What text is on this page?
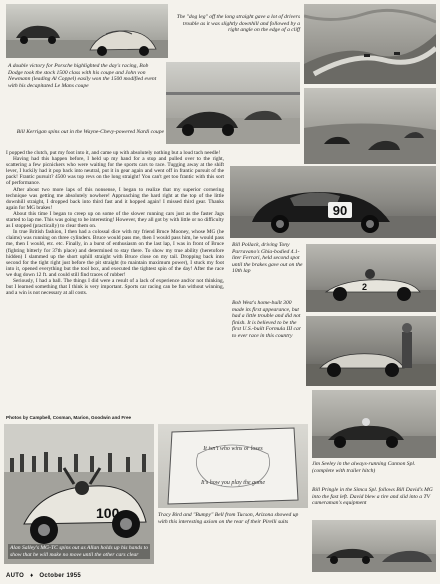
The "dog leg" off the long straight gave a lot of drivers trouble as it was slightly downhill and followed by a right angle on the edge of a cliff
A double victory for Porsche highlighted the day's racing, Bob Dodge took the stock 1500 class with his coupe and John von Newmann (leading Al Coppel) easily won the 1500 modified event with his decapitated Le Mans coupe
Bill Kerrigan spins out in the Wayne-Chevy-powered Nardi coupe

I popped the clutch, put my foot into it, and came up with absolutely nothing but a loud tach needle!

Having had this happen before, I held up my hand for a stop and pulled over to the right, scattering a few picnickers who were waiting for the sports cars to race. Tugging away at the shift lever, I luckily had it pop back into neutral, put it in gear again and went off in frantic pursuit of the pack! Frantic pursuit? 4500 was top revs on the long straight! You can't get too frantic with this sort of performance.

After about two more laps of this nonsense, I began to realize that my superior cornering technique was getting me absolutely nowhere! Approaching the hard right at the top of the little downhill straight, I dropped back into third fast and it hopped again! I missed third gear. Thanks again for MG brakes!

About this time I began to creep up on some of the slower running cars just as the faster Jags started to lap me. This was going to be interesting! However, they all got by with little or no difficulty as I stopped (practically) to clear them on.

In true British fashion, I then had a colossal dice with my friend Bruce Mooney, whose MG (he claims) was running on three cylinders. Bruce would pass me, then I would pass him, he would pass me, then I would, etc. etc. Finally, in a burst of enthusiasm on the last lap, I was in front of Bruce (fighting bitterly for 37th place) and determined to stay there. To show my true ability (heretofore hidden) I slammed up the short uphill straight with Bruce close on my tail. Dropping back into second for the tight right just before the pit straight (to maintain maximum power), I stuck my foot into it, opened everything but the tool box, and executed the tightest spin of the day! After the race we dug down 12 ft. and could still find traces of rubber!

Seriously, I had a ball. The things I did were a result of a lack of experience and/or not thinking, but I learned something that I think is very important. Sports car racing can be fun without winning, and a win is not necessary at all costs.

Photos by Campbell, Cosman, Marion, Goodwin and Free
90
Bill Pollack, driving Tony Parravano's Ghia-bodied 4.1-liter Ferrari, held second spot until the brakes gave out on the 10th lap
2
Bob West's home-built 300 made its first appearance, but had a little trouble and did not finish. It is believed to be the first U.S.-built Formula III car to ever race in this country
Jim Seeley in the always-running Cannon Spl. (complete with trailer hitch)
Bill Pringle in the Simca Spl. follows Bill David's MG into the fast left. David blew a tire and slid into a TV cameraman's equipment
100
Alan Salley's MG-TC spins out as Allan holds up his hands to show that he will make no move until the other cars clear
It isn't who wins or loses
It's how you play the game
Tracy Bird and "Bumpy" Bell from Tucson, Arizona showed up with this interesting axiom on the rear of their Pirelli suits
AUTO ♦ October 1955
